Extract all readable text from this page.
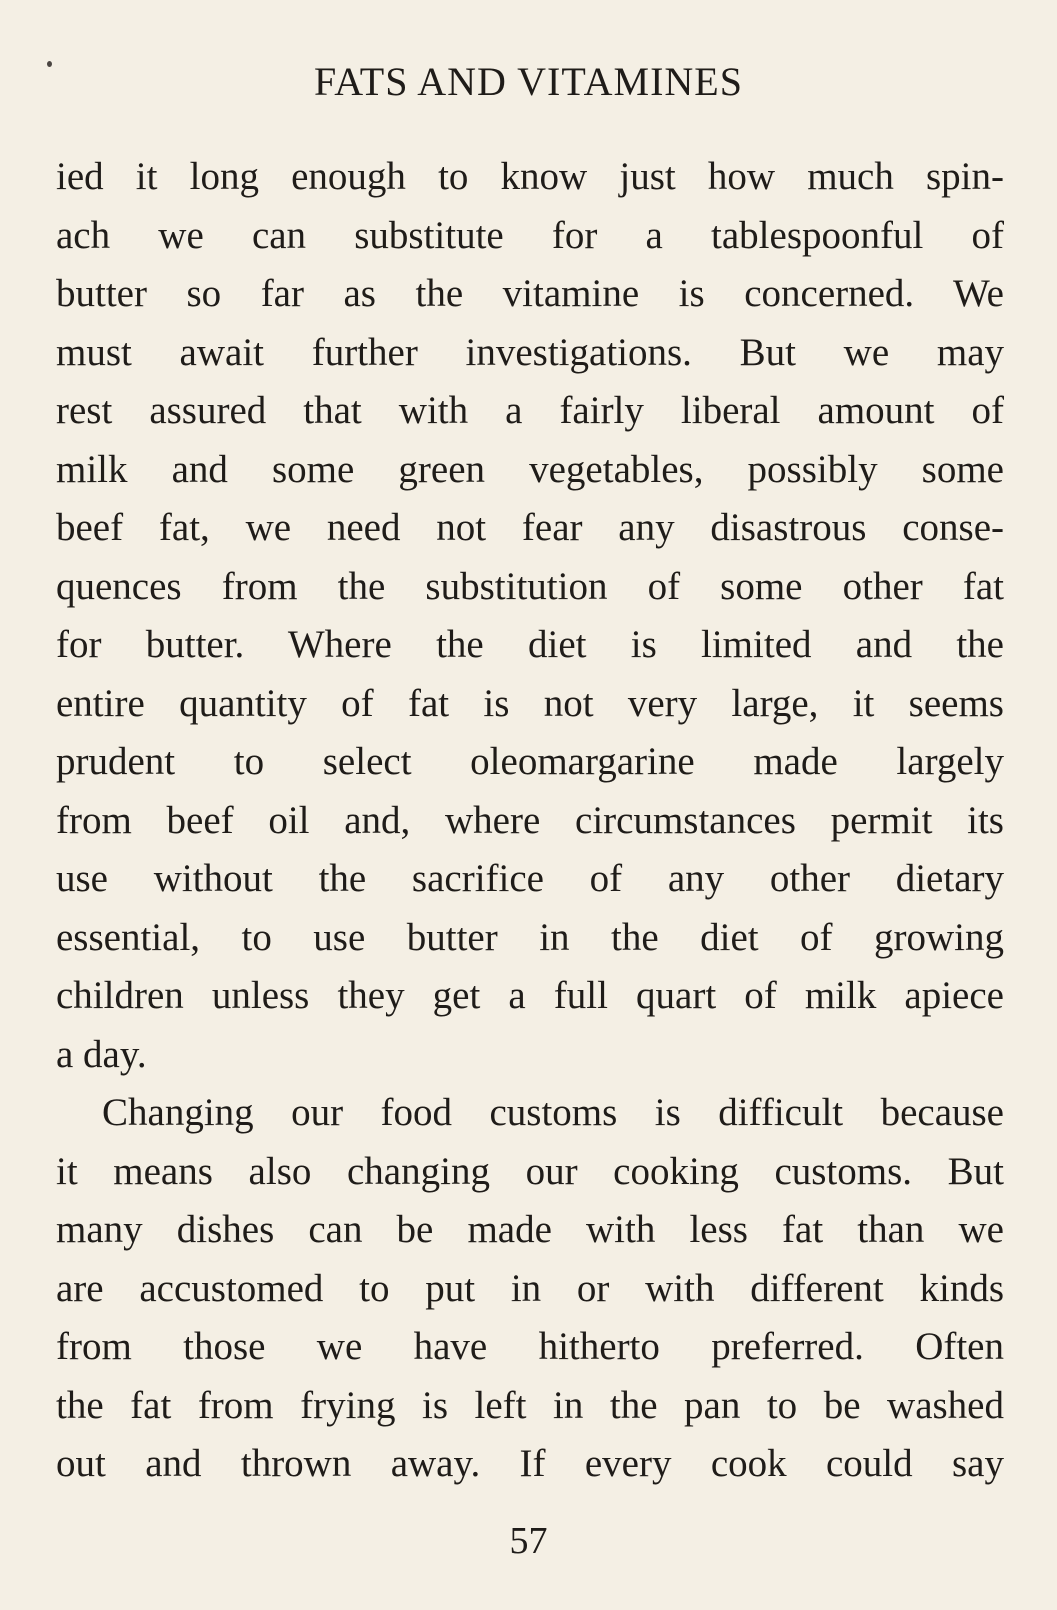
FATS AND VITAMINES
ied it long enough to know just how much spin-
ach we can substitute for a tablespoonful of
butter so far as the vitamine is concerned. We
must await further investigations. But we may
rest assured that with a fairly liberal amount of
milk and some green vegetables, possibly some
beef fat, we need not fear any disastrous conse-
quences from the substitution of some other fat
for butter. Where the diet is limited and the
entire quantity of fat is not very large, it seems
prudent to select oleomargarine made largely
from beef oil and, where circumstances permit its
use without the sacrifice of any other dietary
essential, to use butter in the diet of growing
children unless they get a full quart of milk apiece
a day.
Changing our food customs is difficult because
it means also changing our cooking customs. But
many dishes can be made with less fat than we
are accustomed to put in or with different kinds
from those we have hitherto preferred. Often
the fat from frying is left in the pan to be washed
out and thrown away. If every cook could say
57
